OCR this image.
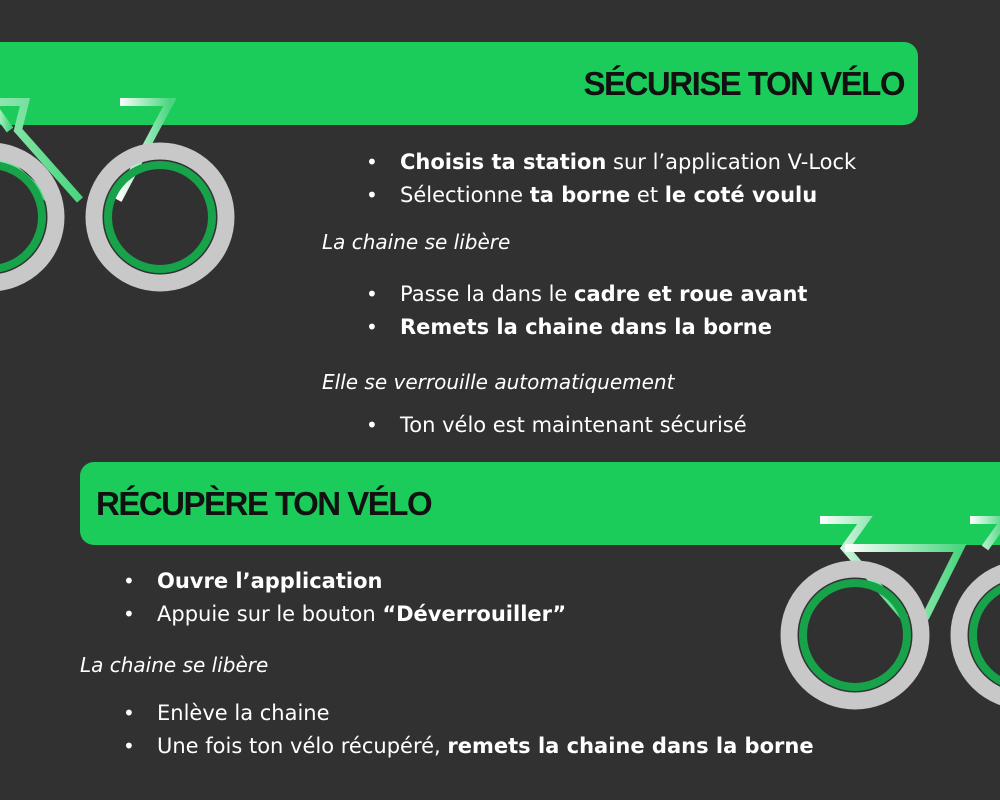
SÉCURISE TON VÉLO
• Choisis ta station sur l’application V-Lock
• Sélectionne ta borne et le coté voulu

La chaine se libère

• Passe la dans le cadre et roue avant
• Remets la chaine dans la borne

Elle se verrouille automatiquement

• Ton vélo est maintenant sécurisé
RÉCUPÈRE TON VÉLO
• Ouvre l’application
• Appuie sur le bouton “Déverrouiller”

La chaine se libère

• Enlève la chaine
• Une fois ton vélo récupéré, remets la chaine dans la borne
